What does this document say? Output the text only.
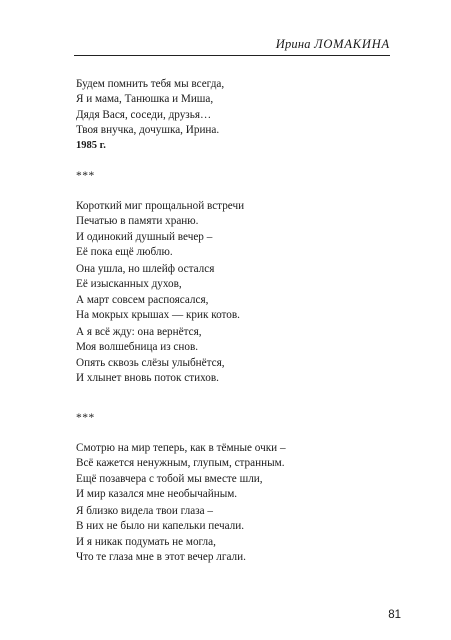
Ирина ЛОМАКИНА
Будем помнить тебя мы всегда,
Я и мама, Танюшка и Миша,
Дядя Вася, соседи, друзья…
Твоя внучка, дочушка, Ирина.
1985 г.
***
Короткий миг прощальной встречи
Печатью в памяти храню.
И одинокий душный вечер –
Её пока ещё люблю.
Она ушла, но шлейф остался
Её изысканных духов,
А март совсем распоясался,
На мокрых крышах — крик котов.
А я всё жду: она вернётся,
Моя волшебница из снов.
Опять сквозь слёзы улыбнётся,
И хлынет вновь поток стихов.
***
Смотрю на мир теперь, как в тёмные очки –
Всё кажется ненужным, глупым, странным.
Ещё позавчера с тобой мы вместе шли,
И мир казался мне необычайным.
Я близко видела твои глаза –
В них не было ни капельки печали.
И я никак подумать не могла,
Что те глаза мне в этот вечер лгали.
81
